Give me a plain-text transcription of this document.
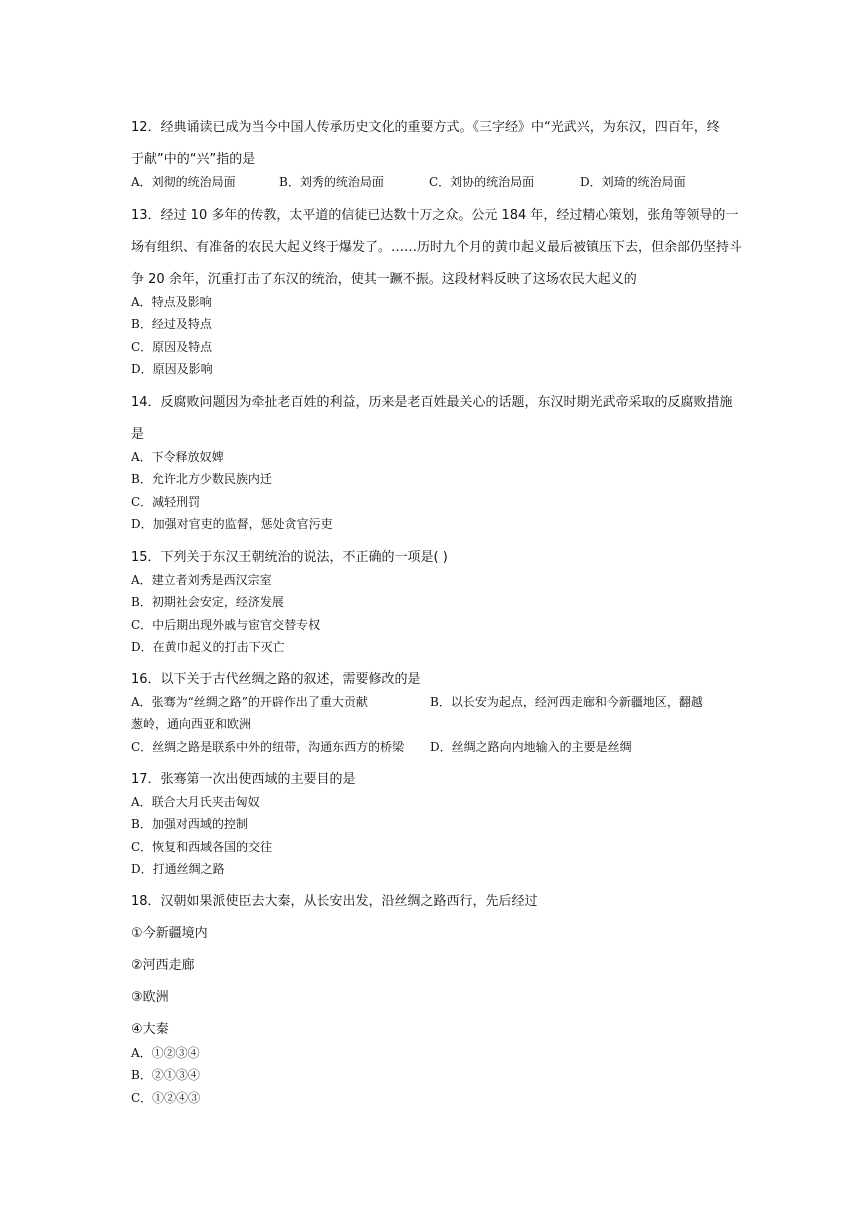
12．经典诵读已成为当今中国人传承历史文化的重要方式。《三字经》中“光武兴，为东汉，四百年，终
于献”中的“兴”指的是
A．刘彻的统治局面	B．刘秀的统治局面	C．刘协的统治局面	D．刘琦的统治局面
13．经过 10 多年的传教，太平道的信徒已达数十万之众。公元 184 年，经过精心策划，张角等领导的一
场有组织、有准备的农民大起义终于爆发了。……历时九个月的黄巾起义最后被镇压下去，但余部仍坚持斗
争 20 余年，沉重打击了东汉的统治，使其一蹶不振。这段材料反映了这场农民大起义的
A．特点及影响
B．经过及特点
C．原因及特点
D．原因及影响
14．反腐败问题因为牵扯老百姓的利益，历来是老百姓最关心的话题，东汉时期光武帝采取的反腐败措施
是
A．下令释放奴婢
B．允许北方少数民族内迁
C．减轻刑罚
D．加强对官吏的监督，惩处贪官污吏
15．下列关于东汉王朝统治的说法，不正确的一项是( )
A．建立者刘秀是西汉宗室
B．初期社会安定，经济发展
C．中后期出现外戚与宦官交替专权
D．在黄巾起义的打击下灭亡
16．以下关于古代丝绸之路的叙述，需要修改的是
A．张骞为“丝绸之路”的开辟作出了重大贡献	B．以长安为起点，经河西走廊和今新疆地区，翻越
葱岭，通向西亚和欧洲
C．丝绸之路是联系中外的纽带，沟通东西方的桥梁 D．丝绸之路向内地输入的主要是丝绸
17．张骞第一次出使西域的主要目的是
A．联合大月氏夹击匈奴
B．加强对西域的控制
C．恢复和西域各国的交往
D．打通丝绸之路
18．汉朝如果派使臣去大秦，从长安出发，沿丝绸之路西行，先后经过
①今新疆境内
②河西走廊
③欧洲
④大秦
A．①②③④
B．②①③④
C．①②④③
